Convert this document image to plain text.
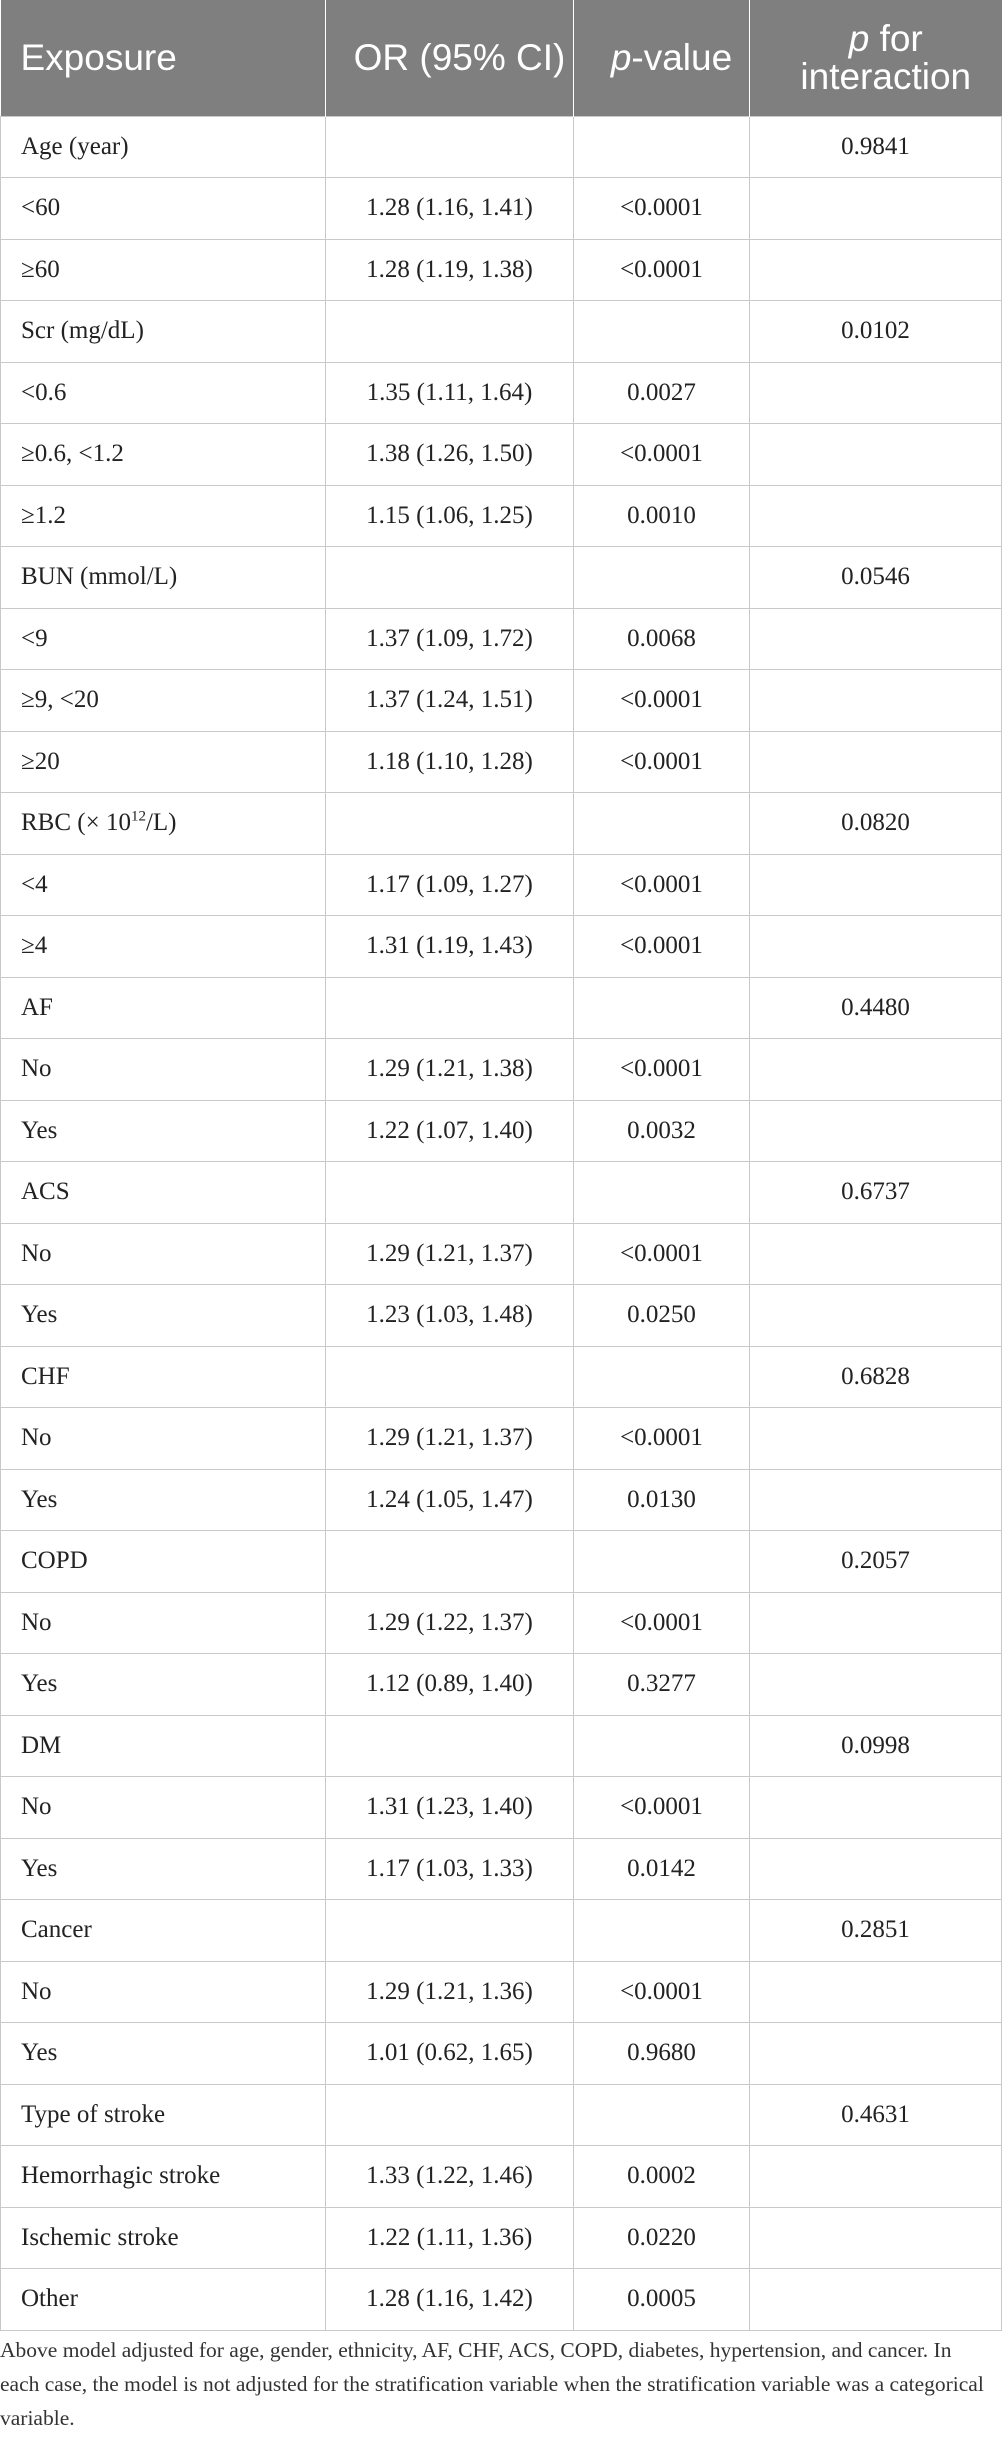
Exposure	OR (95% CI)	p-value	p for interaction
Age (year)			0.9841
<60	1.28 (1.16, 1.41)	<0.0001	
≥60	1.28 (1.19, 1.38)	<0.0001	
Scr (mg/dL)			0.0102
<0.6	1.35 (1.11, 1.64)	0.0027	
≥0.6, <1.2	1.38 (1.26, 1.50)	<0.0001	
≥1.2	1.15 (1.06, 1.25)	0.0010	
BUN (mmol/L)			0.0546
<9	1.37 (1.09, 1.72)	0.0068	
≥9, <20	1.37 (1.24, 1.51)	<0.0001	
≥20	1.18 (1.10, 1.28)	<0.0001	
RBC (× $10^{12}/L$)			0.0820
<4	1.17 (1.09, 1.27)	<0.0001	
≥4	1.31 (1.19, 1.43)	<0.0001	
AF			0.4480
No	1.29 (1.21, 1.38)	<0.0001	
Yes	1.22 (1.07, 1.40)	0.0032	
ACS			0.6737
No	1.29 (1.21, 1.37)	<0.0001	
Yes	1.23 (1.03, 1.48)	0.0250	
CHF			0.6828
No	1.29 (1.21, 1.37)	<0.0001	
Yes	1.24 (1.05, 1.47)	0.0130	
COPD			0.2057
No	1.29 (1.22, 1.37)	<0.0001	
Yes	1.12 (0.89, 1.40)	0.3277	
DM			0.0998
No	1.31 (1.23, 1.40)	<0.0001	
Yes	1.17 (1.03, 1.33)	0.0142	
Cancer			0.2851
No	1.29 (1.21, 1.36)	<0.0001	
Yes	1.01 (0.62, 1.65)	0.9680	
Type of stroke			0.4631
Hemorrhagic stroke	1.33 (1.22, 1.46)	0.0002	
Ischemic stroke	1.22 (1.11, 1.36)	0.0220	
Other	1.28 (1.16, 1.42)	0.0005	
Above model adjusted for age, gender, ethnicity, AF, CHF, ACS, COPD, diabetes, hypertension, and cancer. In each case, the model is not adjusted for the stratification variable when the stratification variable was a categorical variable.
